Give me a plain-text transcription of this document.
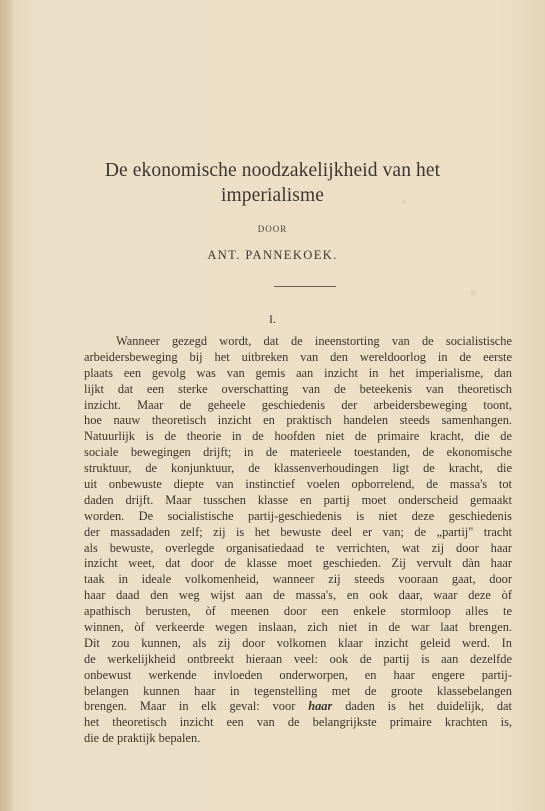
De ekonomische noodzakelijkheid van het
imperialisme
DOOR
ANT. PANNEKOEK.
I.
Wanneer gezegd wordt, dat de ineenstorting van de socialistische
arbeidersbeweging bij het uitbreken van den wereldoorlog in de eerste
plaats een gevolg was van gemis aan inzicht in het imperialisme, dan
lijkt dat een sterke overschatting van de beteekenis van theoretisch
inzicht. Maar de geheele geschiedenis der arbeidersbeweging toont,
hoe nauw theoretisch inzicht en praktisch handelen steeds samenhangen.
Natuurlijk is de theorie in de hoofden niet de primaire kracht, die de
sociale bewegingen drijft; in de materieele toestanden, de ekonomische
struktuur, de konjunktuur, de klassenverhoudingen ligt de kracht, die
uit onbewuste diepte van instinctief voelen opborrelend, de massa's tot
daden drijft. Maar tusschen klasse en partij moet onderscheid gemaakt
worden. De socialistische partij-geschiedenis is niet deze geschiedenis
der massadaden zelf; zij is het bewuste deel er van; de „partij" tracht
als bewuste, overlegde organisatiedaad te verrichten, wat zij door haar
inzicht weet, dat door de klasse moet geschieden. Zij vervult dàn haar
taak in ideale volkomenheid, wanneer zij steeds vooraan gaat, door
haar daad den weg wijst aan de massa's, en ook daar, waar deze òf
apathisch berusten, òf meenen door een enkele stormloop alles te
winnen, òf verkeerde wegen inslaan, zich niet in de war laat brengen.
Dit zou kunnen, als zij door volkomen klaar inzicht geleid werd. In
de werkelijkheid ontbreekt hieraan veel: ook de partij is aan dezelfde
onbewust werkende invloeden onderworpen, en haar engere partij-
belangen kunnen haar in tegenstelling met de groote klassebelangen
brengen. Maar in elk geval: voor haar daden is het duidelijk, dat
het theoretisch inzicht een van de belangrijkste primaire krachten is,
die de praktijk bepalen.
